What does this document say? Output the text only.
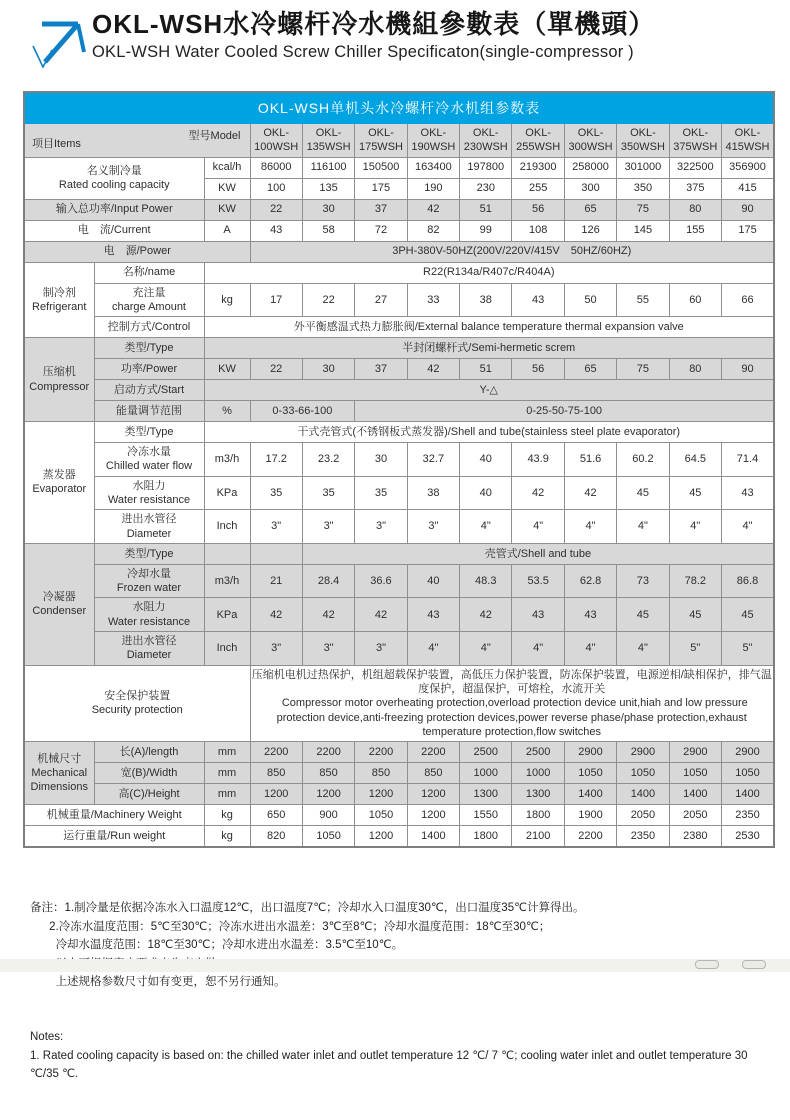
OKL-WSH水冷螺杆冷水機組參數表（單機頭）
OKL-WSH Water Cooled Screw Chiller Specificaton(single-compressor )
OKL-WSH单机头水冷螺杆冷水机组参数表												

型号Model
项目Items			OKL-
100WSH	OKL-
135WSH	OKL-
175WSH	OKL-
190WSH	OKL-
230WSH	OKL-
255WSH	OKL-
300WSH	OKL-
350WSH	OKL-
375WSH	OKL-
415WSH
名义制冷量
Rated cooling capacity		kcal/h	86000	116100	150500	163400	197800	219300	258000	301000	322500	356900
		KW	100	135	175	190	230	255	300	350	375	415
输入总功率/Input Power		KW	22	30	37	42	51	56	65	75	80	90
电　流/Current		A	43	58	72	82	99	108	126	145	155	175
电　源/Power			3PH-380V-50HZ(200V/220V/415V　50HZ/60HZ)									
制冷剂
Refrigerant	名称/name	R22(R134a/R407c/R404A)										
	充注量
charge Amount	kg	17	22	27	33	38	43	50	55	60	66
	控制方式/Control	外平衡感温式热力膨胀阀/External balance temperature thermal expansion valve										
压缩机
Compressor	类型/Type	半封闭螺杆式/Semi-hermetic screm										
	功率/Power	KW	22	30	37	42	51	56	65	75	80	90
	启动方式/Start	Y-△										
	能量调节范围	%	0-33-66-100		0-25-50-75-100							
蒸发器
Evaporator	类型/Type	干式壳管式(不锈钢板式蒸发器)/Shell and tube(stainless steel plate evaporator)										
	冷冻水量
Chilled water flow	m3/h	17.2	23.2	30	32.7	40	43.9	51.6	60.2	64.5	71.4
	水阻力
Water resistance	KPa	35	35	35	38	40	42	42	45	45	43
	进出水管径
Diameter	Inch	3"	3"	3"	3"	4"	4"	4"	4"	4"	4"
冷凝器
Condenser	类型/Type			壳管式/Shell and tube								
	冷却水量
Frozen water	m3/h	21	28.4	36.6	40	48.3	53.5	62.8	73	78.2	86.8
	水阻力
Water resistance	KPa	42	42	42	43	42	43	43	45	45	45
	进出水管径
Diameter	Inch	3"	3"	3"	4"	4"	4"	4"	4"	5"	5"
安全保护装置
Security protection			压缩机电机过热保护，机组超载保护装置，高低压力保护装置，防冻保护装置，电源逆相/缺相保护，排气温度保护，超温保护，可熔栓，水流开关
Compressor motor overheating protection,overload protection device unit,hiah and low pressure protection device,anti-freezing protection devices,power reverse phase/phase protection,exhaust temperature protection,flow switches									
机械尺寸
Mechanical
Dimensions	长(A)/length	mm	2200	2200	2200	2200	2500	2500	2900	2900	2900	2900
	宽(B)/Width	mm	850	850	850	850	1000	1000	1050	1050	1050	1050
	高(C)/Height	mm	1200	1200	1200	1200	1300	1300	1400	1400	1400	1400
机械重量/Machinery Weight		kg	650	900	1050	1200	1550	1800	1900	2050	2050	2350
运行重量/Run weight		kg	820	1050	1200	1400	1800	2100	2200	2350	2380	2530

备注：1.制冷量是依据冷冻水入口温度12℃，出口温度7℃；冷却水入口温度30℃，出口温度35℃计算得出。
2.冷冻水温度范围：5℃至30℃；冷冻水进出水温差：3℃至8℃；冷却水温度范围：18℃至30℃；
冷却水温度范围：18℃至30℃；冷却水进出水温差：3.5℃至10℃。
上述规格参数尺寸如有变更，恕不另行通知。

Notes:
1. Rated cooling capacity is based on: the chilled water inlet and outlet temperature 12 ℃/ 7 ℃; cooling water inlet and outlet temperature 30 ℃/35 ℃.
